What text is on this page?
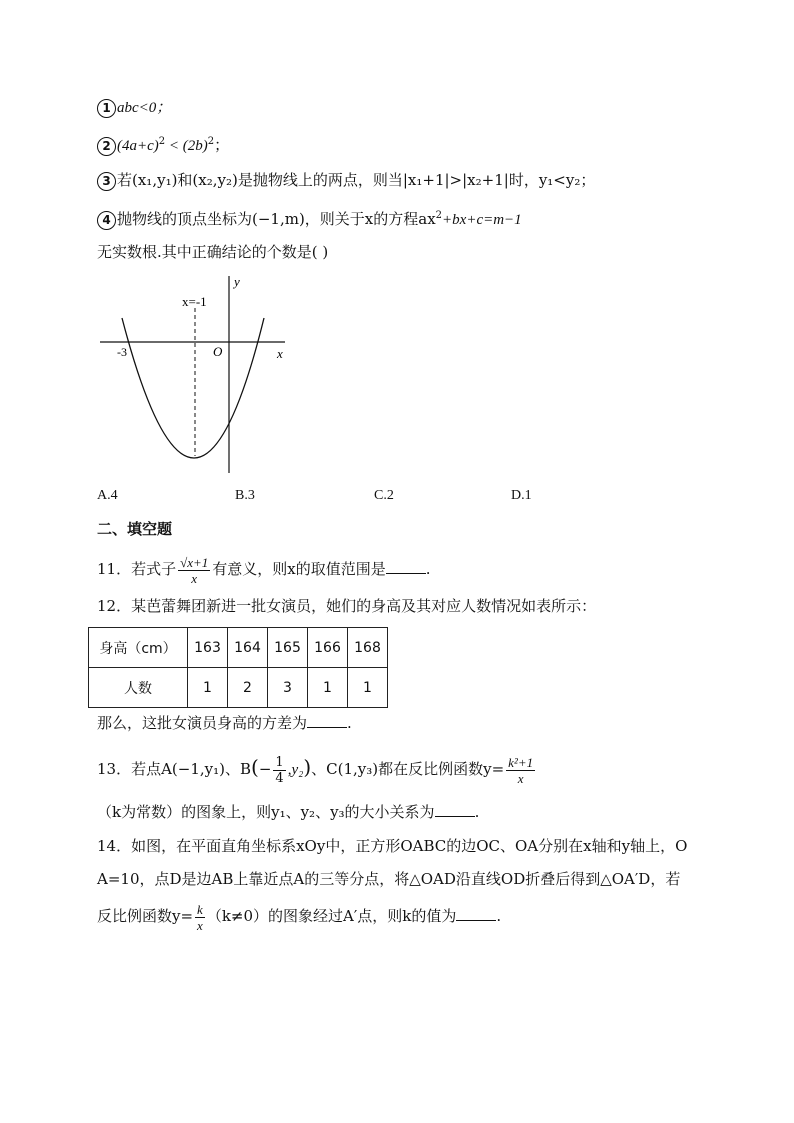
1 abc<0；
2 $(4a+c)^2 < (2b)^2$；
3 若(x₁,y₁)和(x₂,y₂)是抛物线上的两点，则当|x₁+1|>|x₂+1|时，y₁<y₂；
4 抛物线的顶点坐标为(−1,m)，则关于x的方程$ax^2+bx+c=m-1$
无实数根.其中正确结论的个数是( )
x=-1
y
x
O
-3
A.4	B.3	C.2	D.1
二、填空题
11．若式子 $\frac{√x+1}{x}$ 有意义，则x的取值范围是	.
12．某芭蕾舞团新进一批女演员，她们的身高及其对应人数情况如表所示：
身高（cm）	163	164	165	166	168
人数	1	2	3	1	1
那么，这批女演员身高的方差为	.
13．若点A(−1,y₁)、$B(- \frac{1}{4} ,y_2)$、C(1,y₃)都在反比例函数$y= \frac{\text{k²+1}}{x}$
（k为常数）的图象上，则y₁、y₂、y₃的大小关系为	.
14．如图，在平面直角坐标系xOy中，正方形OABC的边OC、OA分别在x轴和y轴上，O
A=10，点D是边AB上靠近点A的三等分点，将△OAD沿直线OD折叠后得到△OA′D，若
反比例函数$y= \frac{k}{x} (k\ne 0)$的图象经过A′点，则k的值为	.
